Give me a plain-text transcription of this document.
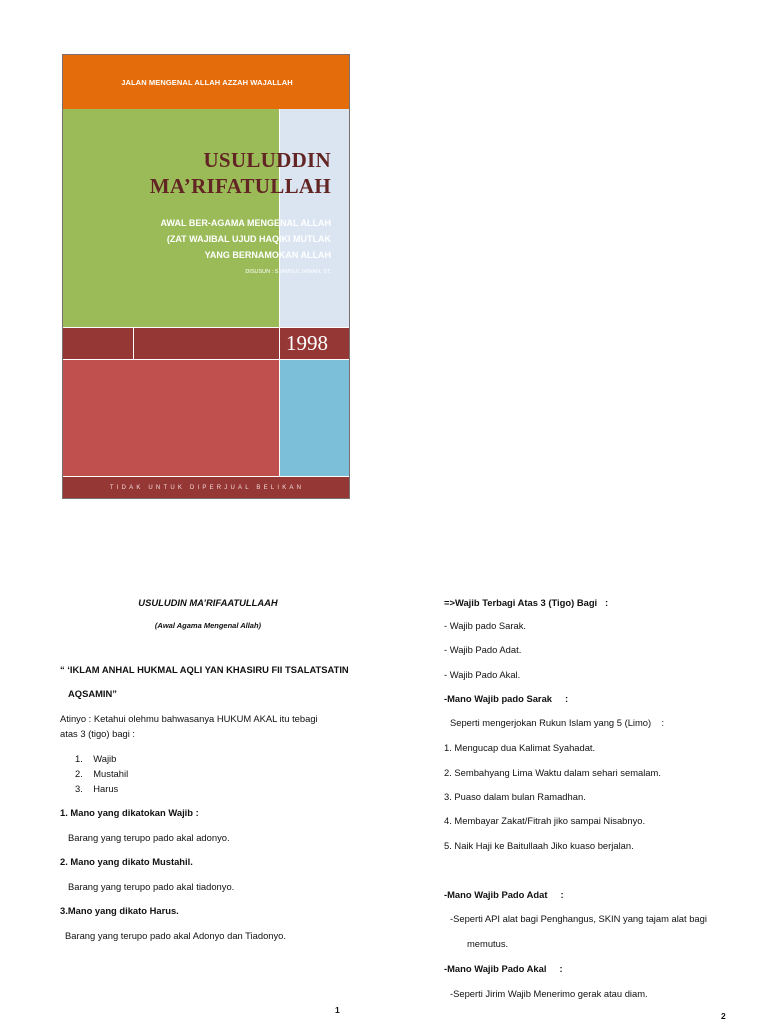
JALAN MENGENAL ALLAH AZZAH WAJALLAH
1998
TIDAK UNTUK DIPERJUAL BELIKAN
USULUDDIN
MA’RIFATULLAH
AWAL BER-AGAMA MENGENAL ALLAH
(ZAT WAJIBAL UJUD HAQIKI MUTLAK
YANG BERNAMOKAN ALLAH
DISUSUN : SYAMSUL IHWAN, ST.
USULUDIN MA’RIFAATULLAAH
(Awal Agama Mengenal Allah)
“ ‘IKLAM ANHAL HUKMAL AQLI YAN KHASIRU FII TSALATSATIN
AQSAMIN”
Atinyo : Ketahui olehmu bahwasanya HUKUM AKAL itu tebagi
atas 3 (tigo) bagi :
1.    Wajib
2.    Mustahil
3.    Harus
1. Mano yang dikatokan Wajib :
Barang yang terupo pado akal adonyo.
2. Mano yang dikato Mustahil.
Barang yang terupo pado akal tiadonyo.
3.Mano yang dikato Harus.
Barang yang terupo pado akal Adonyo dan Tiadonyo.
1
=>Wajib Terbagi Atas 3 (Tigo) Bagi   :
- Wajib pado Sarak.
- Wajib Pado Adat.
- Wajib Pado Akal.
-Mano Wajib pado Sarak     :
Seperti mengerjokan Rukun Islam yang 5 (Limo)    :
1. Mengucap dua Kalimat Syahadat.
2. Sembahyang Lima Waktu dalam sehari semalam.
3. Puaso dalam bulan Ramadhan.
4. Membayar Zakat/Fitrah jiko sampai Nisabnyo.
5. Naik Haji ke Baitullaah Jiko kuaso berjalan.
-Mano Wajib Pado Adat     :
-Seperti API alat bagi Penghangus, SKIN yang tajam alat bagi
memutus.
-Mano Wajib Pado Akal     :
-Seperti Jirim Wajib Menerimo gerak atau diam.
2
